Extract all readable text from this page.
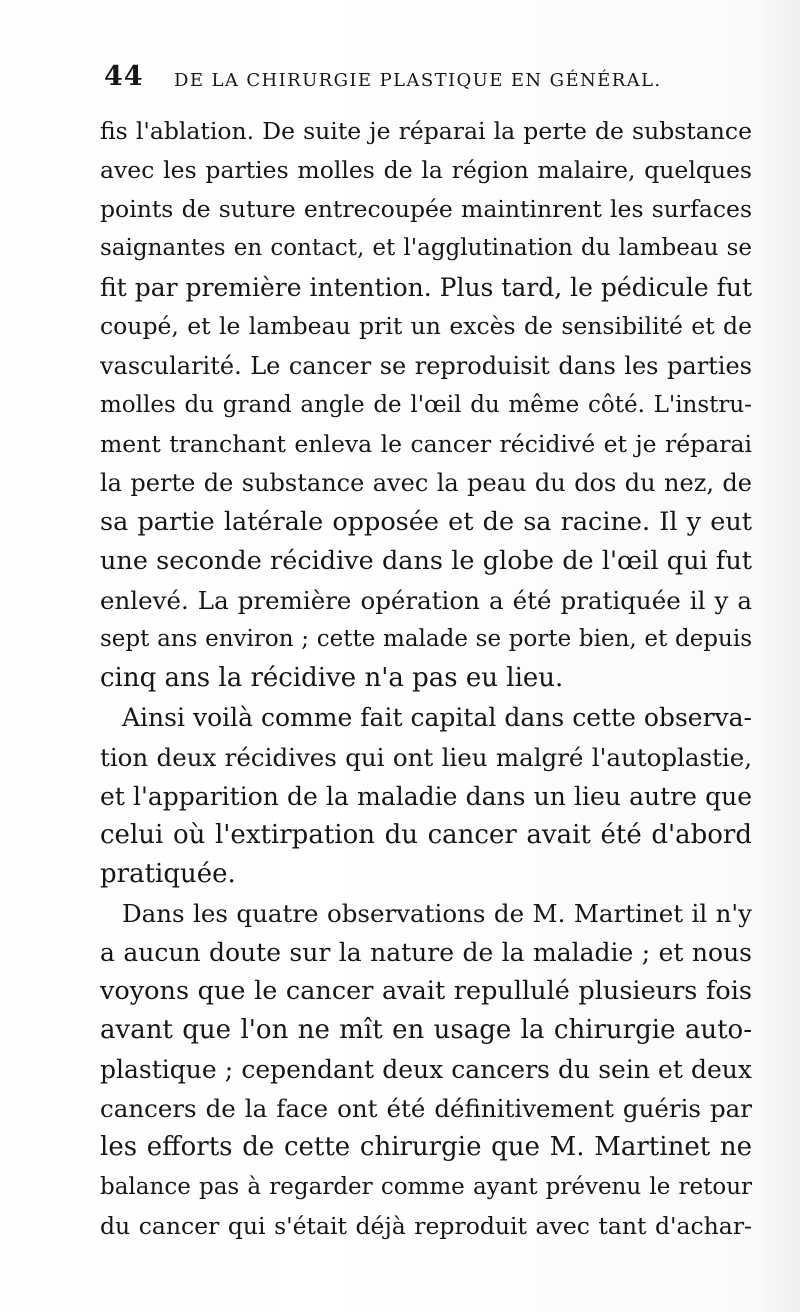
44 DE LA CHIRURGIE PLASTIQUE EN GÉNÉRAL.
fis l'ablation. De suite je réparai la perte de substance
avec les parties molles de la région malaire, quelques
points de suture entrecoupée maintinrent les surfaces
saignantes en contact, et l'agglutination du lambeau se
fit par première intention. Plus tard, le pédicule fut
coupé, et le lambeau prit un excès de sensibilité et de
vascularité. Le cancer se reproduisit dans les parties
molles du grand angle de l'œil du même côté. L'instru-
ment tranchant enleva le cancer récidivé et je réparai
la perte de substance avec la peau du dos du nez, de
sa partie latérale opposée et de sa racine. Il y eut
une seconde récidive dans le globe de l'œil qui fut
enlevé. La première opération a été pratiquée il y a
sept ans environ ; cette malade se porte bien, et depuis
cinq ans la récidive n'a pas eu lieu.
Ainsi voilà comme fait capital dans cette observa-
tion deux récidives qui ont lieu malgré l'autoplastie,
et l'apparition de la maladie dans un lieu autre que
celui où l'extirpation du cancer avait été d'abord
pratiquée.
Dans les quatre observations de M. Martinet il n'y
a aucun doute sur la nature de la maladie ; et nous
voyons que le cancer avait repullulé plusieurs fois
avant que l'on ne mît en usage la chirurgie auto-
plastique ; cependant deux cancers du sein et deux
cancers de la face ont été définitivement guéris par
les efforts de cette chirurgie que M. Martinet ne
balance pas à regarder comme ayant prévenu le retour
du cancer qui s'était déjà reproduit avec tant d'achar-
